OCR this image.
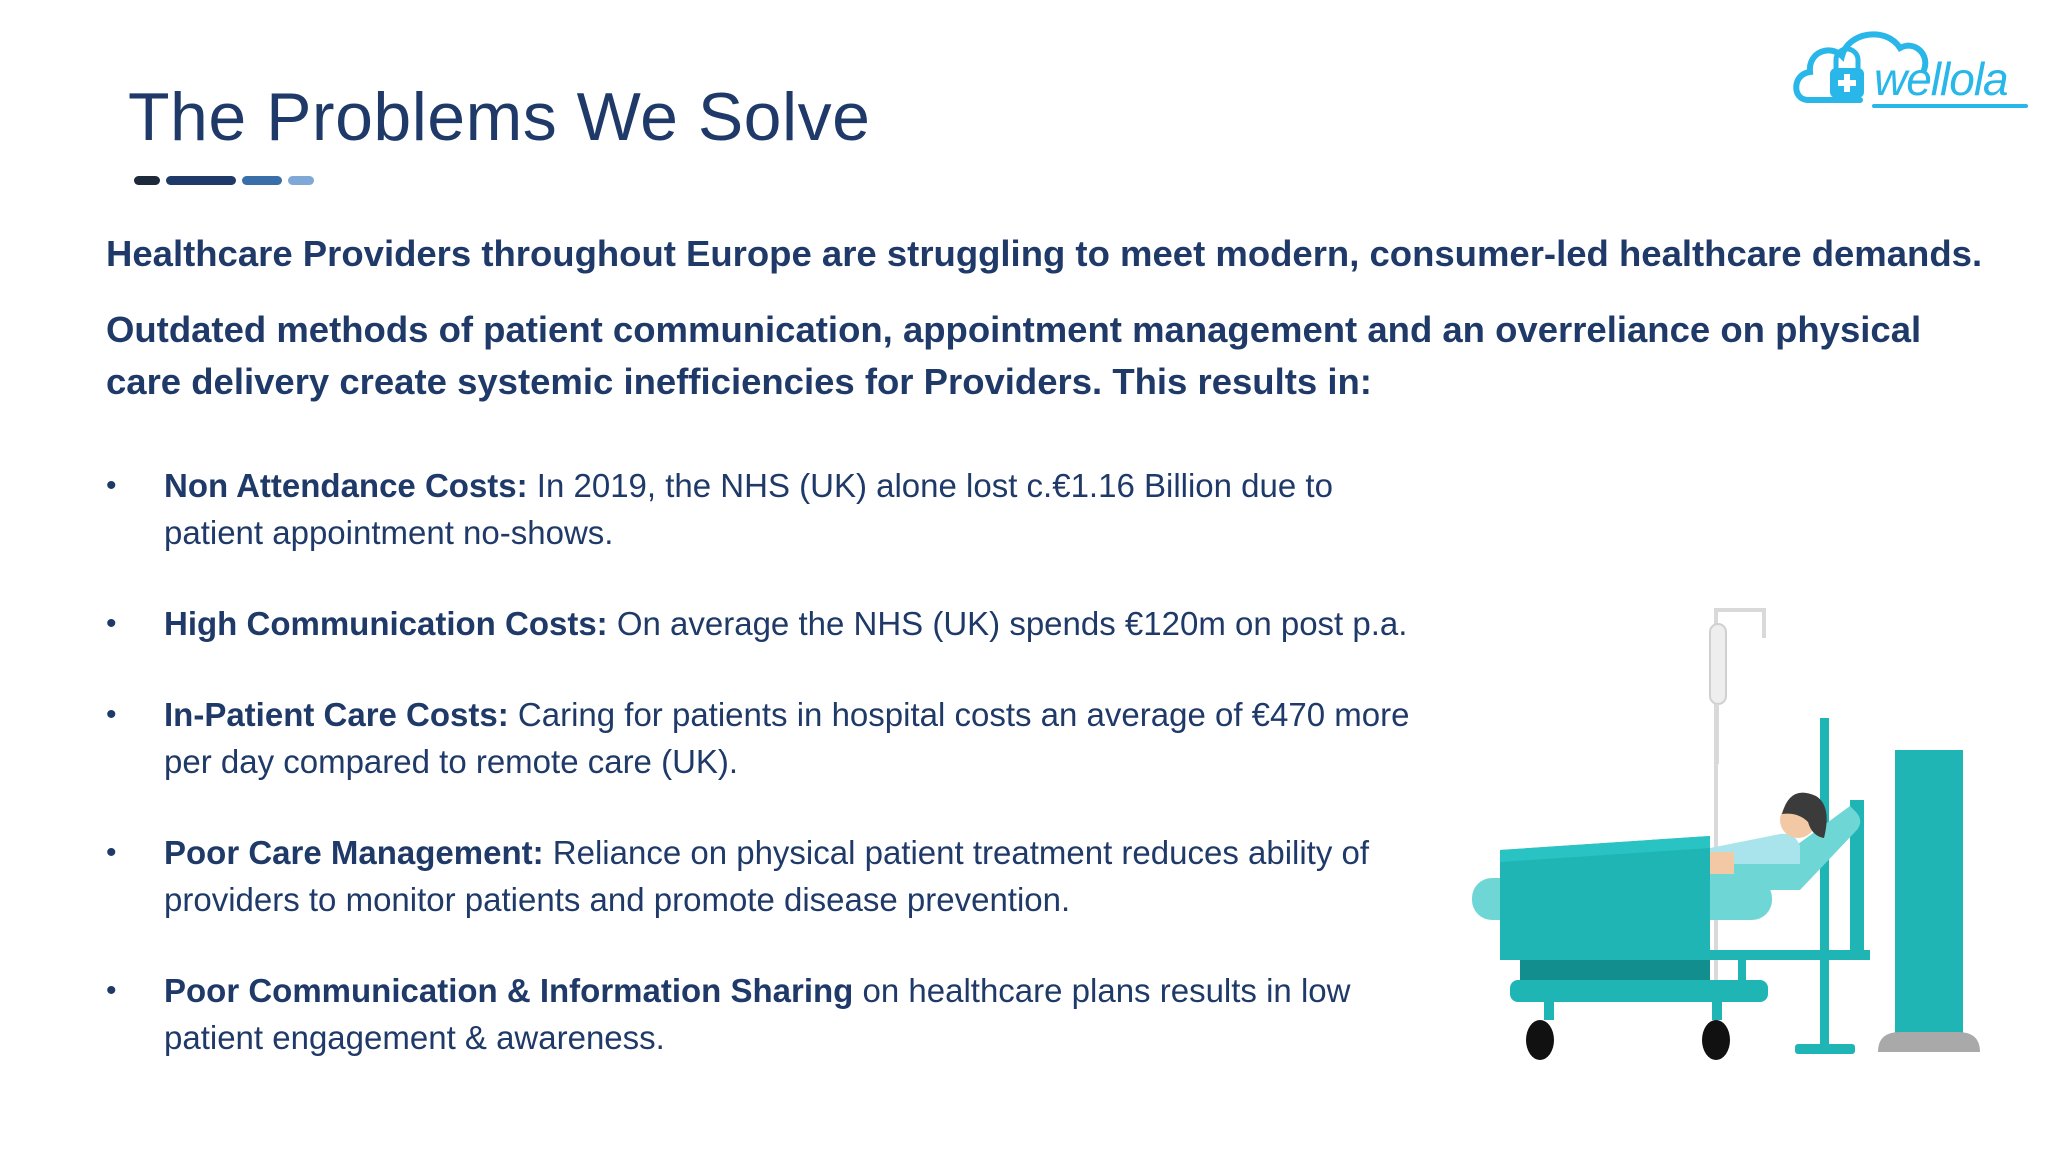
The Problems We Solve	wellola
Healthcare Providers throughout Europe are struggling to meet modern, consumer-led healthcare demands.
Outdated methods of patient communication, appointment management and an overreliance on physical care delivery create systemic inefficiencies for Providers. This results in:
• Non Attendance Costs: In 2019, the NHS (UK) alone lost c.€1.16 Billion due to patient appointment no-shows.
• High Communication Costs: On average the NHS (UK) spends €120m on post p.a.
• In-Patient Care Costs: Caring for patients in hospital costs an average of €470 more per day compared to remote care (UK).
• Poor Care Management: Reliance on physical patient treatment reduces ability of providers to monitor patients and promote disease prevention.
• Poor Communication & Information Sharing on healthcare plans results in low patient engagement & awareness.
